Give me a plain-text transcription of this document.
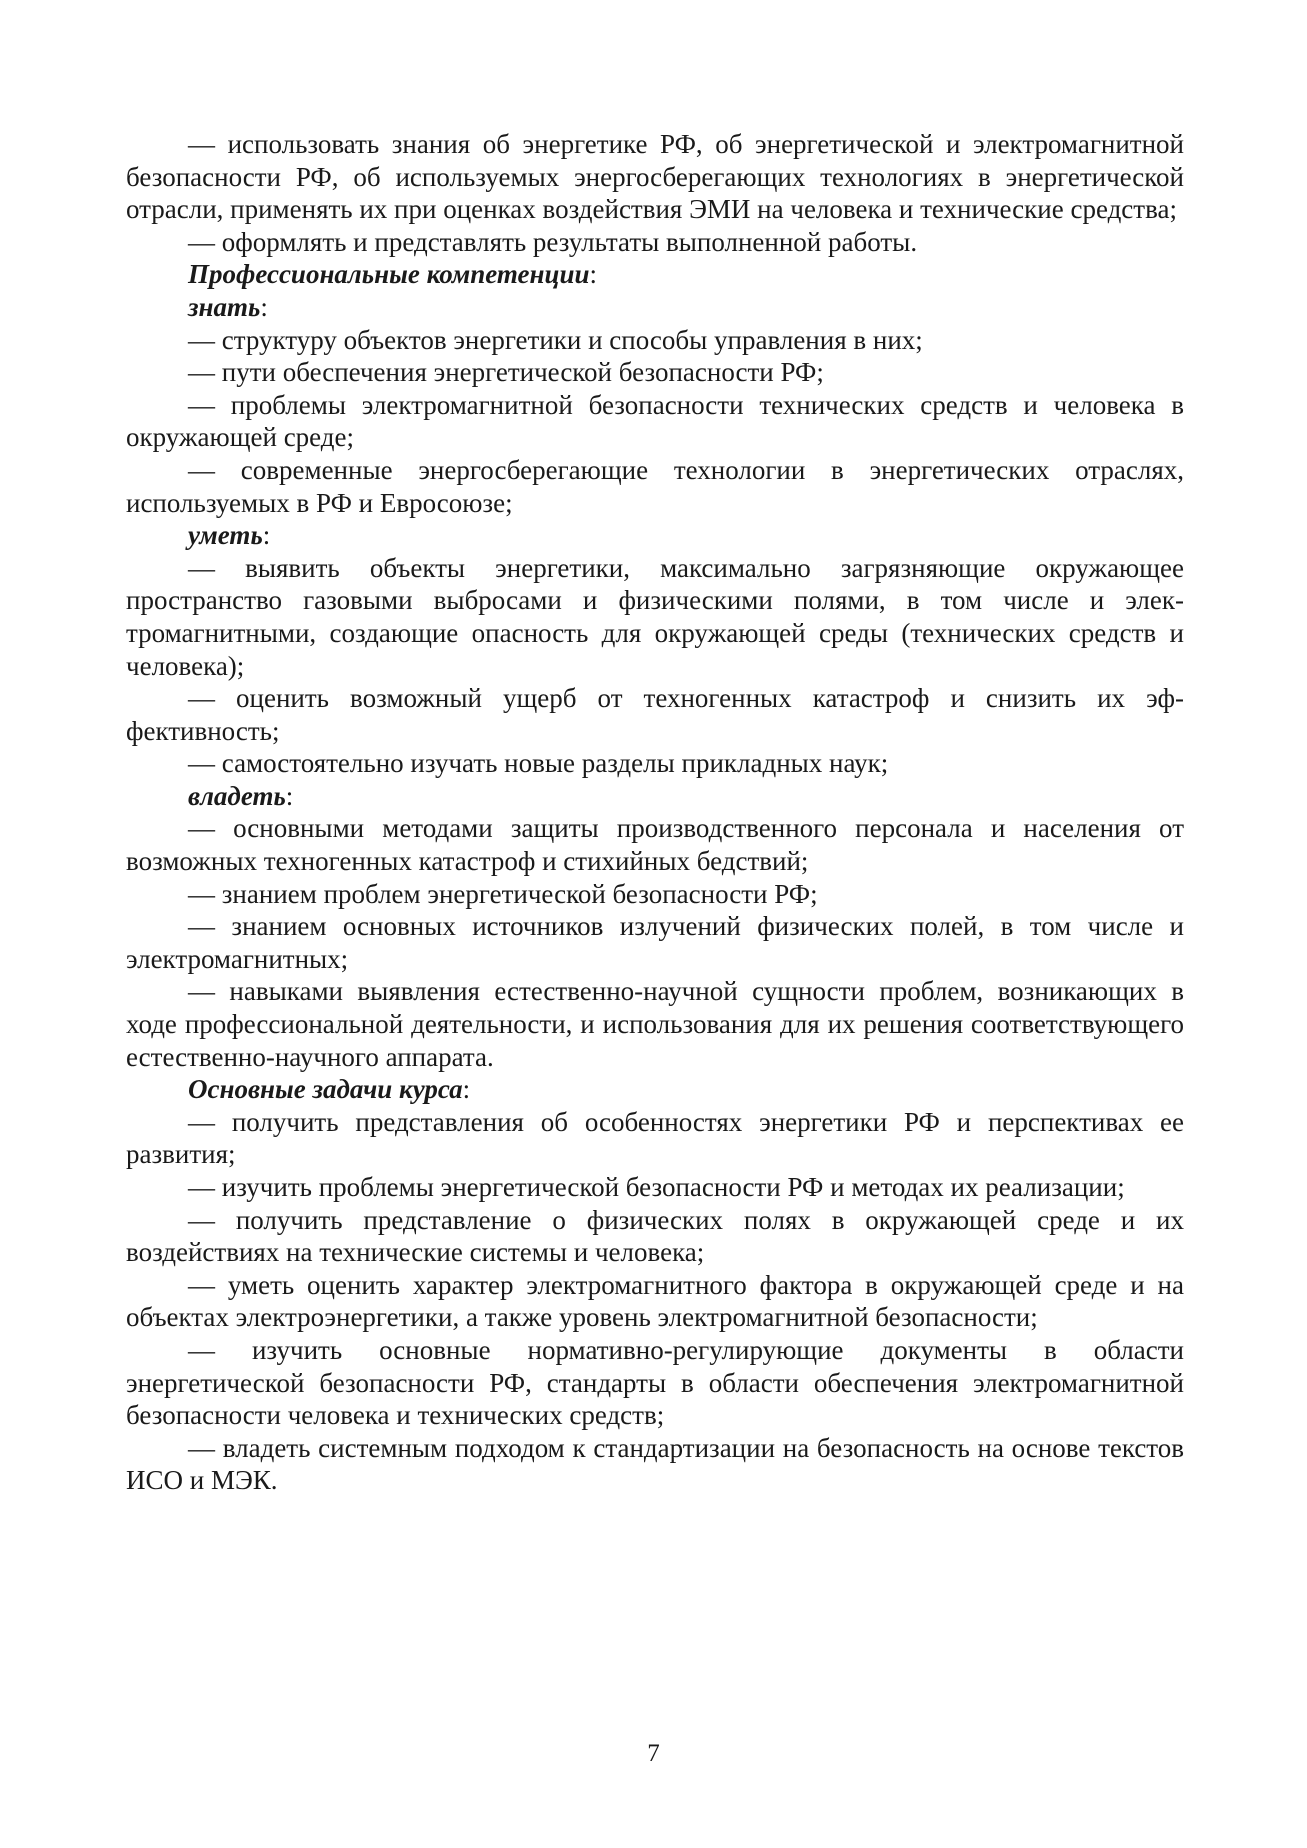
— использовать знания об энергетике РФ, об энергетической и электромагнитной безопасности РФ, об используемых энергосберегающих технологиях в энергетической отрасли, применять их при оценках воздействия ЭМИ на человека и технические средства;

— оформлять и представлять результаты выполненной работы.

Профессиональные компетенции:

знать:

— структуру объектов энергетики и способы управления в них;

— пути обеспечения энергетической безопасности РФ;

— проблемы электромагнитной безопасности технических средств и человека в окружающей среде;

— современные энергосберегающие технологии в энергетических отраслях, используемых в РФ и Евросоюзе;

уметь:

— выявить объекты энергетики, максимально загрязняющие окружающее пространство газовыми выбросами и физическими полями, в том числе и электромагнитными, создающие опасность для окружающей среды (технических средств и человека);

— оценить возможный ущерб от техногенных катастроф и снизить их эффективность;

— самостоятельно изучать новые разделы прикладных наук;

владеть:

— основными методами защиты производственного персонала и населения от возможных техногенных катастроф и стихийных бедствий;

— знанием проблем энергетической безопасности РФ;

— знанием основных источников излучений физических полей, в том числе и электромагнитных;

— навыками выявления естественно-научной сущности проблем, возникающих в ходе профессиональной деятельности, и использования для их решения соответствующего естественно-научного аппарата.

Основные задачи курса:

— получить представления об особенностях энергетики РФ и перспективах ее развития;

— изучить проблемы энергетической безопасности РФ и методах их реализации;

— получить представление о физических полях в окружающей среде и их воздействиях на технические системы и человека;

— уметь оценить характер электромагнитного фактора в окружающей среде и на объектах электроэнергетики, а также уровень электромагнитной безопасности;

— изучить основные нормативно-регулирующие документы в области энергетической безопасности РФ, стандарты в области обеспечения электромагнитной безопасности человека и технических средств;

— владеть системным подходом к стандартизации на безопасность на основе текстов ИСО и МЭК.

7
